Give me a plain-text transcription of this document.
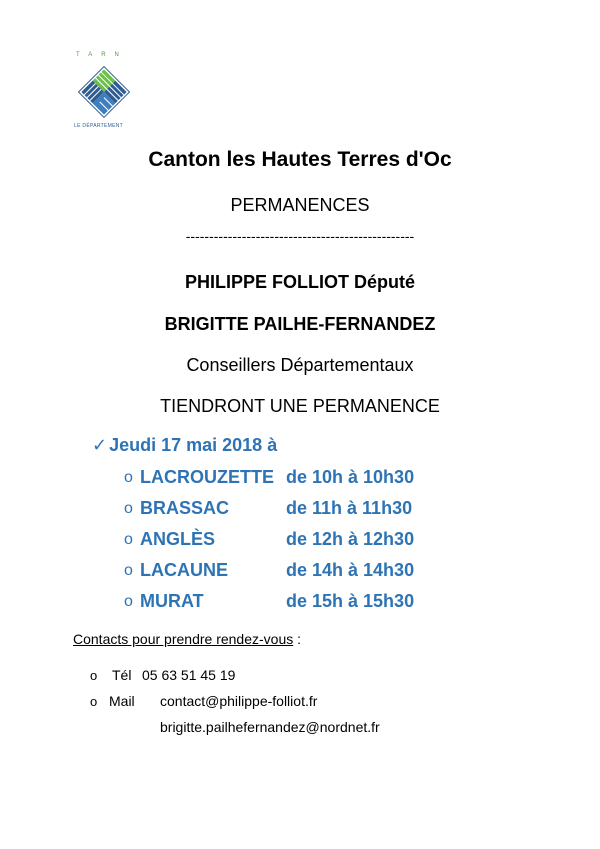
TARN
LE DÉPARTEMENT
Canton les Hautes Terres d'Oc
PERMANENCES
-------------------------------------------------
PHILIPPE FOLLIOT Député
BRIGITTE PAILHE-FERNANDEZ
Conseillers Départementaux
TIENDRONT UNE PERMANENCE
✓ Jeudi 17 mai 2018 à
o LACROUZETTE de 10h à 10h30
o BRASSAC	de 11h à 11h30
o ANGLÈS	de 12h à 12h30
o LACAUNE	de 14h à 14h30
o MURAT	de 15h à 15h30
Contacts pour prendre rendez-vous :
o Tél 05 63 51 45 19
o Mail contact@philippe-folliot.fr
brigitte.pailhefernandez@nordnet.fr
